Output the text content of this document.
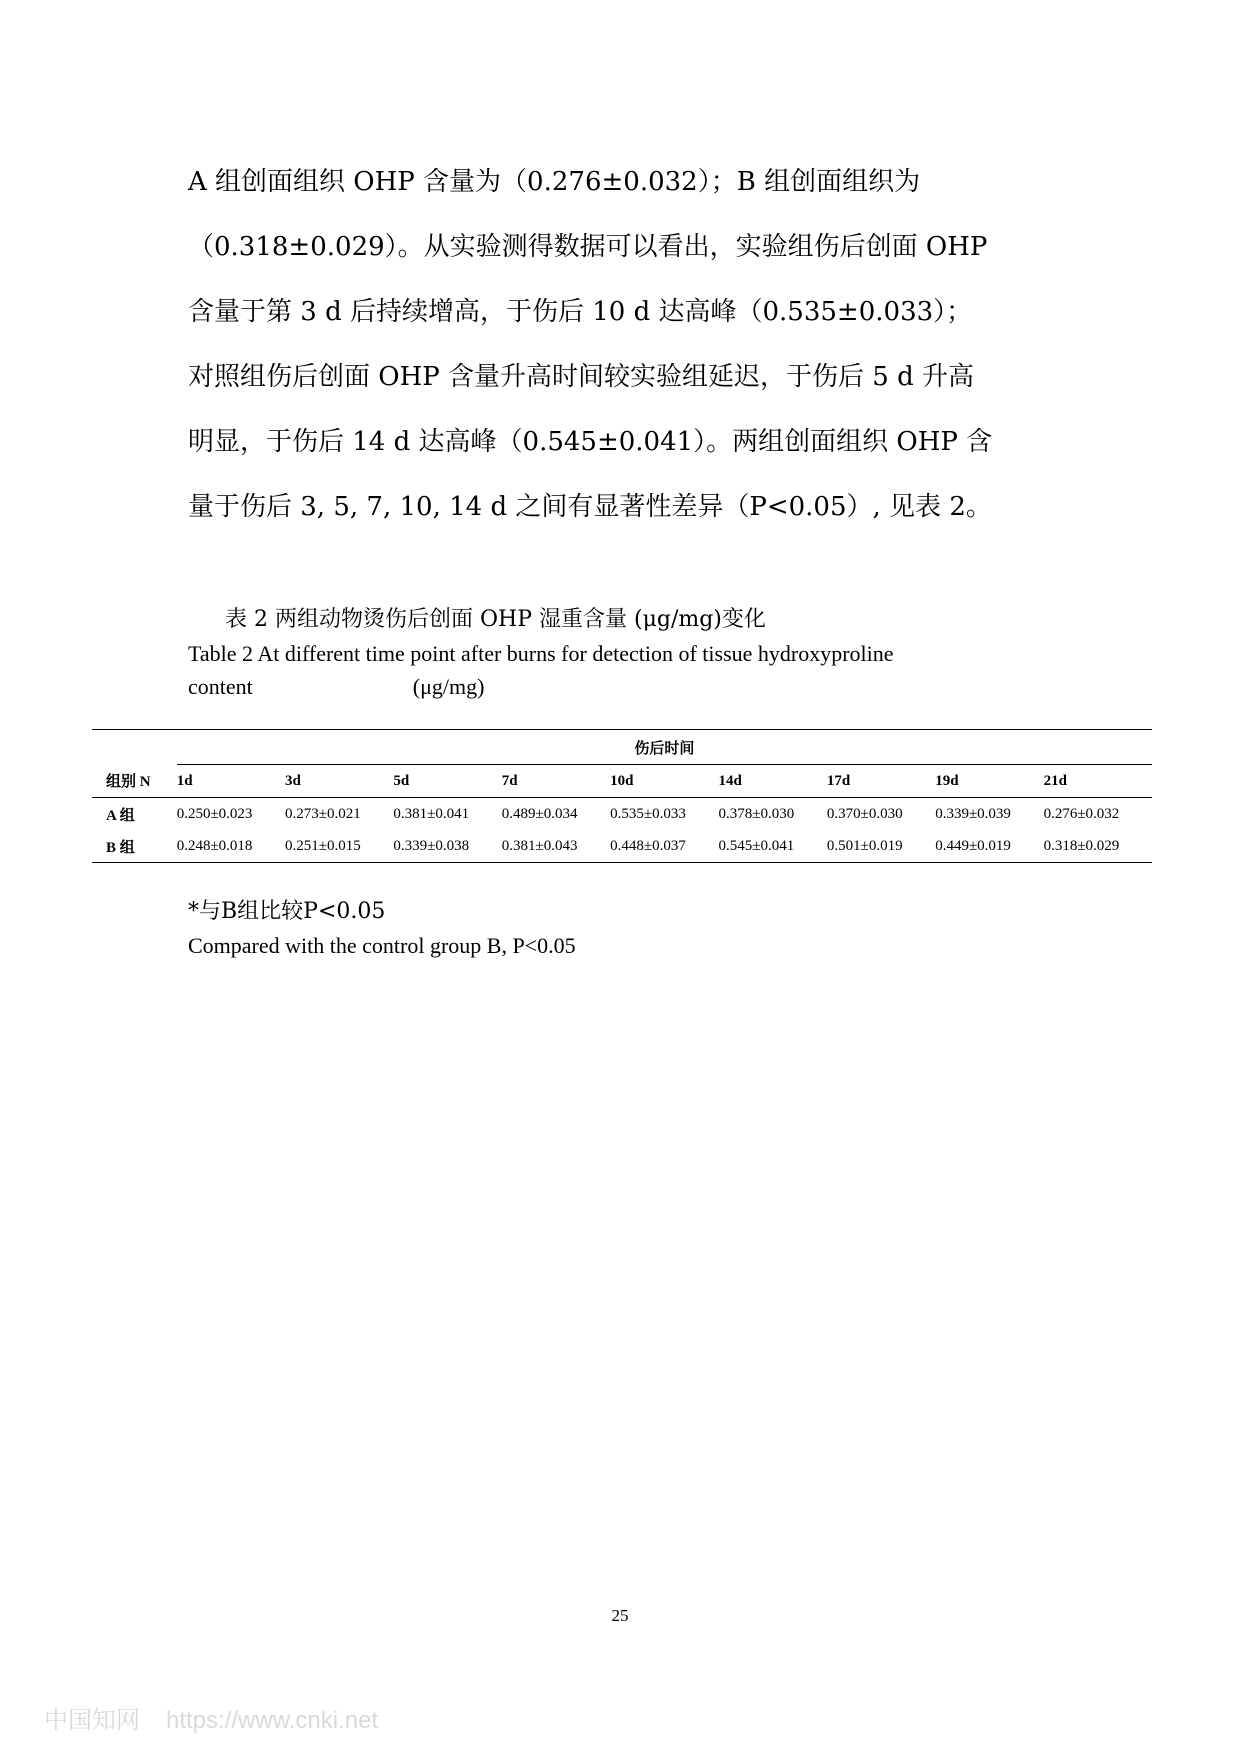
A 组创面组织 OHP 含量为（0.276±0.032）；B 组创面组织为

（0.318±0.029）。从实验测得数据可以看出，实验组伤后创面 OHP

含量于第 3 d 后持续增高，于伤后 10 d 达高峰（0.535±0.033）；

对照组伤后创面 OHP 含量升高时间较实验组延迟，于伤后 5 d 升高

明显，于伤后 14 d 达高峰（0.545±0.041）。两组创面组织 OHP 含

量于伤后 3, 5, 7, 10, 14 d 之间有显著性差异（P<0.05）, 见表 2。

表 2 两组动物烫伤后创面 OHP 湿重含量 (μg/mg)变化

Table 2 At different time point after burns for detection of tissue hydroxyproline
content	(μg/mg)
	伤后时间								
组别 N	1d	3d	5d	7d	10d	14d	17d	19d	21d
A 组	0.250±0.023	0.273±0.021	0.381±0.041	0.489±0.034	0.535±0.033	0.378±0.030	0.370±0.030	0.339±0.039	0.276±0.032
B 组	0.248±0.018	0.251±0.015	0.339±0.038	0.381±0.043	0.448±0.037	0.545±0.041	0.501±0.019	0.449±0.019	0.318±0.029

*与B组比较P<0.05

Compared with the control group B, P<0.05

25

中国知网 https://www.cnki.net
